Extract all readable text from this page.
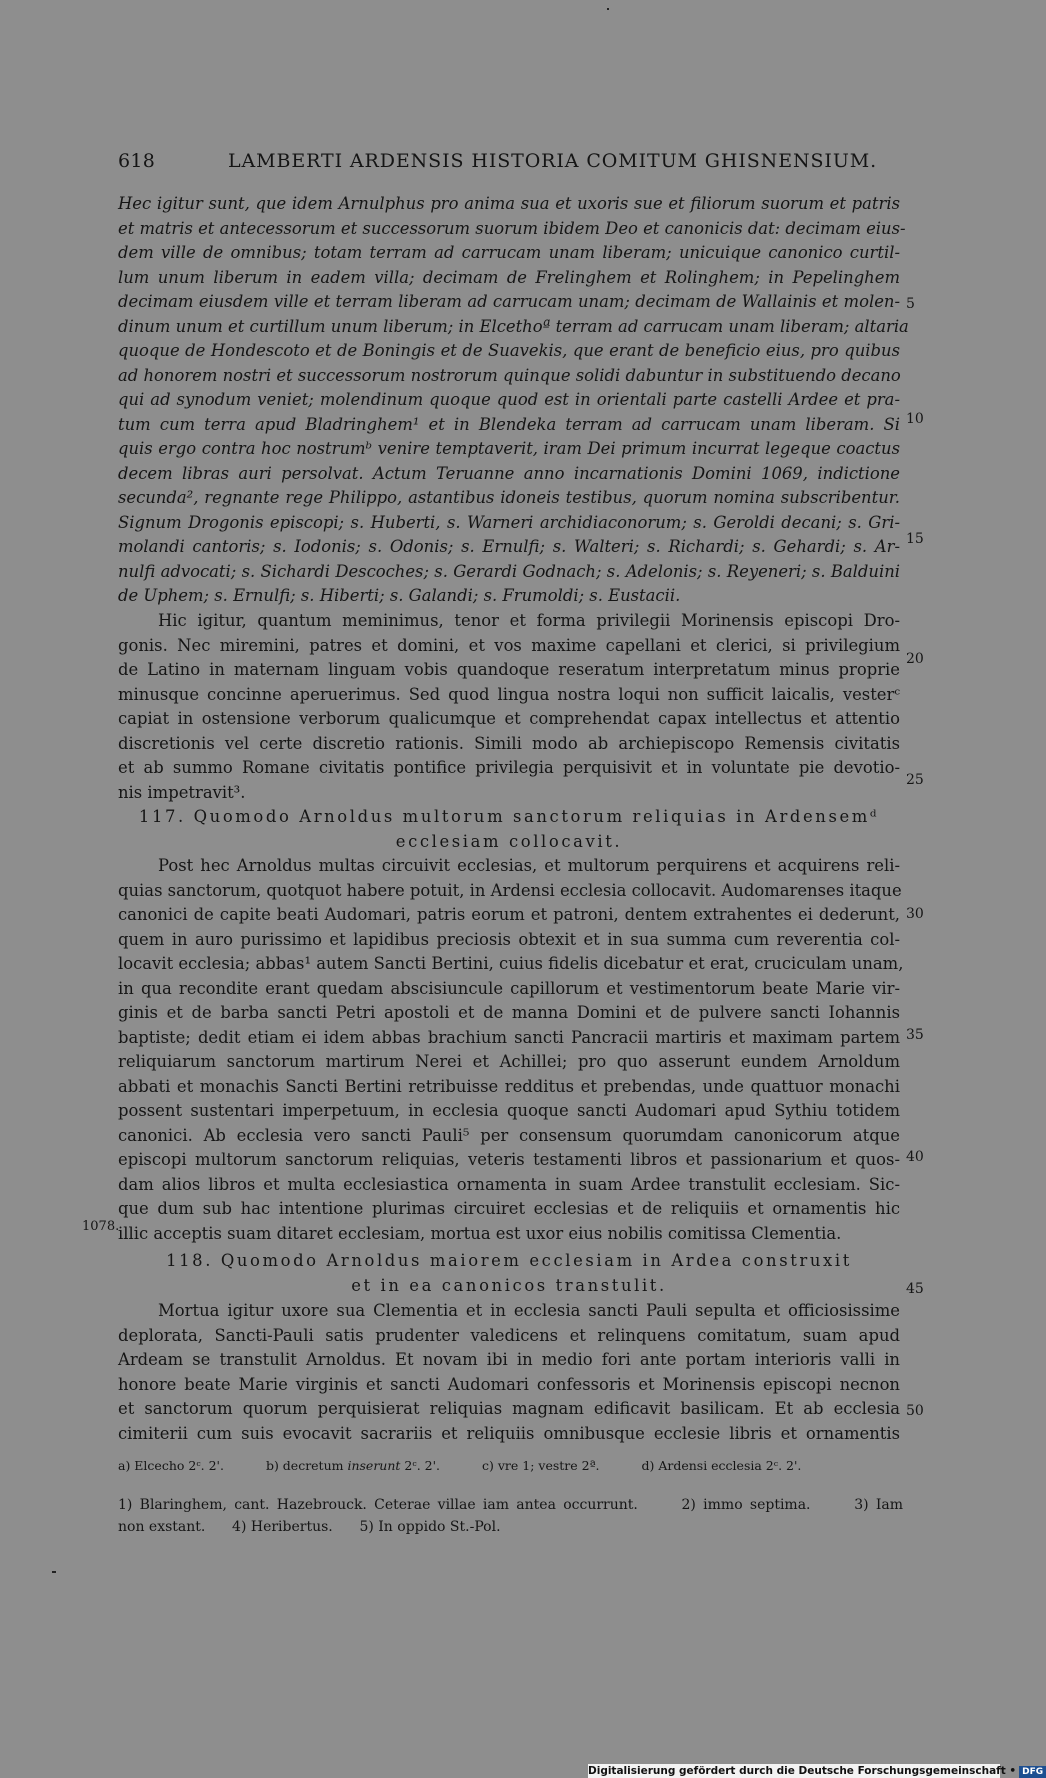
618	LAMBERTI ARDENSIS HISTORIA COMITUM GHISNENSIUM.
Hec igitur sunt, que idem Arnulphus pro anima sua et uxoris sue et filiorum suorum et patris
et matris et antecessorum et successorum suorum ibidem Deo et canonicis dat: decimam eius-
dem ville de omnibus; totam terram ad carrucam unam liberam; unicuique canonico curtil-
lum unum liberum in eadem villa; decimam de Frelinghem et Rolinghem; in Pepelinghem
decimam eiusdem ville et terram liberam ad carrucam unam; decimam de Wallainis et molen-
dinum unum et curtillum unum liberum; in Elcethoª terram ad carrucam unam liberam; altaria
quoque de Hondescoto et de Boningis et de Suavekis, que erant de beneficio eius, pro quibus
ad honorem nostri et successorum nostrorum quinque solidi dabuntur in substituendo decano
qui ad synodum veniet; molendinum quoque quod est in orientali parte castelli Ardee et pra-
tum cum terra apud Bladringhem¹ et in Blendeka terram ad carrucam unam liberam. Si
quis ergo contra hoc nostrumᵇ venire temptaverit, iram Dei primum incurrat legeque coactus
decem libras auri persolvat. Actum Teruanne anno incarnationis Domini 1069, indictione
secunda², regnante rege Philippo, astantibus idoneis testibus, quorum nomina subscribentur.
Signum Drogonis episcopi; s. Huberti, s. Warneri archidiaconorum; s. Geroldi decani; s. Gri-
molandi cantoris; s. Iodonis; s. Odonis; s. Ernulfi; s. Walteri; s. Richardi; s. Gehardi; s. Ar-
nulfi advocati; s. Sichardi Descoches; s. Gerardi Godnach; s. Adelonis; s. Reyeneri; s. Balduini
de Uphem; s. Ernulfi; s. Hiberti; s. Galandi; s. Frumoldi; s. Eustacii.
Hic igitur, quantum meminimus, tenor et forma privilegii Morinensis episcopi Dro-
gonis. Nec miremini, patres et domini, et vos maxime capellani et clerici, si privilegium
de Latino in maternam linguam vobis quandoque reseratum interpretatum minus proprie
minusque concinne aperuerimus. Sed quod lingua nostra loqui non sufficit laicalis, vesterᶜ
capiat in ostensione verborum qualicumque et comprehendat capax intellectus et attentio
discretionis vel certe discretio rationis. Simili modo ab archiepiscopo Remensis civitatis
et ab summo Romane civitatis pontifice privilegia perquisivit et in voluntate pie devotio-
nis impetravit³.
117. Quomodo Arnoldus multorum sanctorum reliquias in Ardensemᵈ
ecclesiam collocavit.
Post hec Arnoldus multas circuivit ecclesias, et multorum perquirens et acquirens reli-
quias sanctorum, quotquot habere potuit, in Ardensi ecclesia collocavit. Audomarenses itaque
canonici de capite beati Audomari, patris eorum et patroni, dentem extrahentes ei dederunt,
quem in auro purissimo et lapidibus preciosis obtexit et in sua summa cum reverentia col-
locavit ecclesia; abbas¹ autem Sancti Bertini, cuius fidelis dicebatur et erat, cruciculam unam,
in qua recondite erant quedam abscisiuncule capillorum et vestimentorum beate Marie vir-
ginis et de barba sancti Petri apostoli et de manna Domini et de pulvere sancti Iohannis
baptiste; dedit etiam ei idem abbas brachium sancti Pancracii martiris et maximam partem
reliquiarum sanctorum martirum Nerei et Achillei; pro quo asserunt eundem Arnoldum
abbati et monachis Sancti Bertini retribuisse redditus et prebendas, unde quattuor monachi
possent sustentari imperpetuum, in ecclesia quoque sancti Audomari apud Sythiu totidem
canonici. Ab ecclesia vero sancti Pauli⁵ per consensum quorumdam canonicorum atque
episcopi multorum sanctorum reliquias, veteris testamenti libros et passionarium et quos-
dam alios libros et multa ecclesiastica ornamenta in suam Ardee transtulit ecclesiam. Sic-
que dum sub hac intentione plurimas circuiret ecclesias et de reliquiis et ornamentis hic
illic acceptis suam ditaret ecclesiam, mortua est uxor eius nobilis comitissa Clementia.
118. Quomodo Arnoldus maiorem ecclesiam in Ardea construxit
et in ea canonicos transtulit.
Mortua igitur uxore sua Clementia et in ecclesia sancti Pauli sepulta et officiosissime
deplorata, Sancti-Pauli satis prudenter valedicens et relinquens comitatum, suam apud
Ardeam se transtulit Arnoldus. Et novam ibi in medio fori ante portam interioris valli in
honore beate Marie virginis et sancti Audomari confessoris et Morinensis episcopi necnon
et sanctorum quorum perquisierat reliquias magnam edificavit basilicam. Et ab ecclesia
cimiterii cum suis evocavit sacrariis et reliquiis omnibusque ecclesie libris et ornamentis
5
10
15
20
25
30
35
40
45
50
1078.
a) Elcecho 2ᶜ. 2'.	b) decretum inserunt 2ᶜ. 2'.	c) vre 1; vestre 2ª.	d) Ardensi ecclesia 2ᶜ. 2'.
1) Blaringhem, cant. Hazebrouck. Ceterae villae iam antea occurrunt.      2) immo septima.      3) Iam
non exstant.      4) Heribertus.      5) In oppido St.-Pol.
Digitalisierung gefördert durch die Deutsche Forschungsgemeinschaft • DFG
